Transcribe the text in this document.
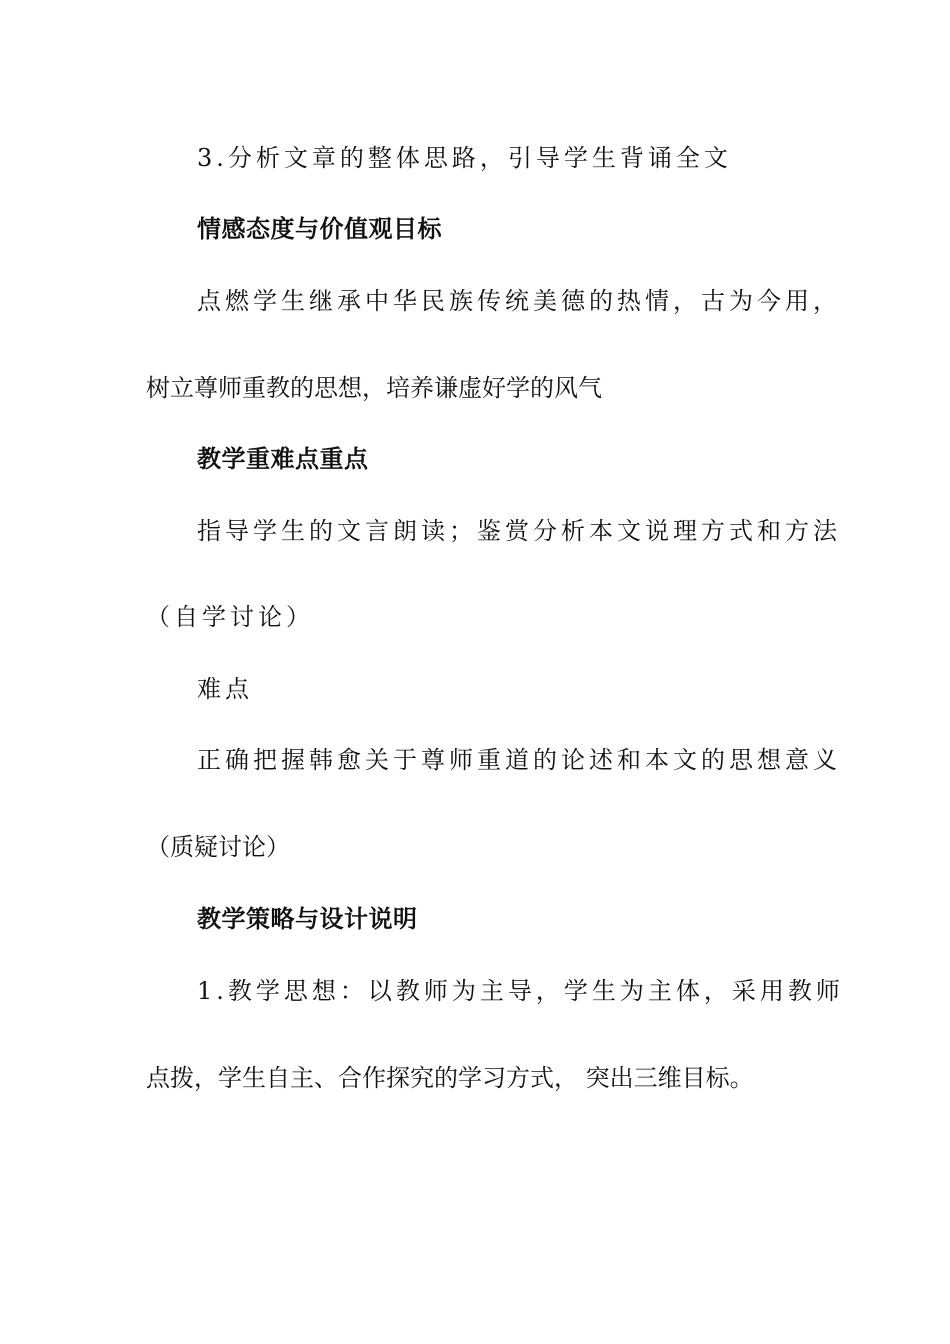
3.分析文章的整体思路，引导学生背诵全文
情感态度与价值观目标
点燃学生继承中华民族传统美德的热情，古为今用，
树立尊师重教的思想，培养谦虚好学的风气
教学重难点重点
指导学生的文言朗读；鉴赏分析本文说理方式和方法
（自学讨论）
难点
正确把握韩愈关于尊师重道的论述和本文的思想意义
（质疑讨论）
教学策略与设计说明
1.教学思想：以教师为主导，学生为主体，采用教师
点拨，学生自主、合作探究的学习方式， 突出三维目标。
